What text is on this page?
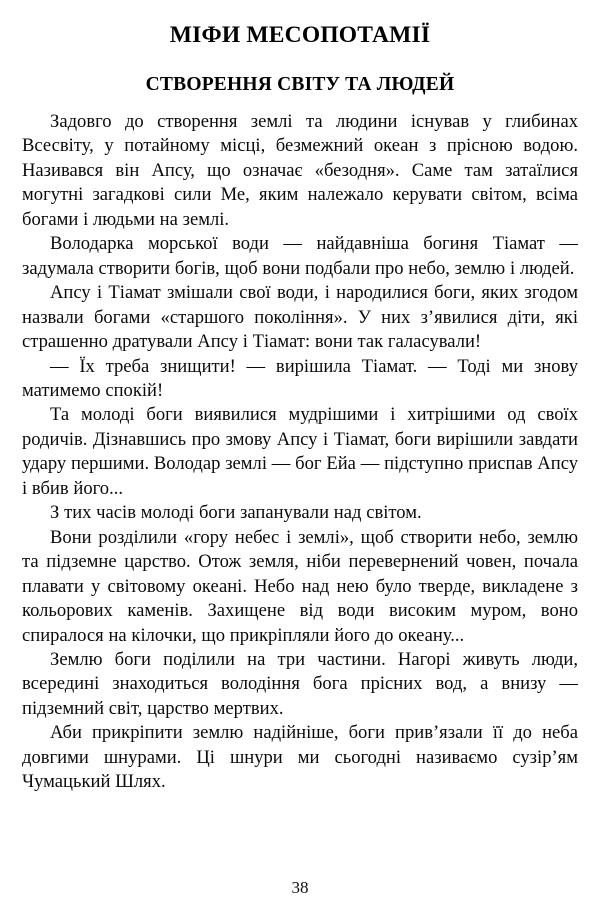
МІФИ МЕСОПОТАМІЇ
СТВОРЕННЯ СВІТУ ТА ЛЮДЕЙ

Задовго до створення землі та людини існував у глибинах Всесвіту, у потайному місці, безмежний океан з прісною водою. Називався він Апсу, що означає «безодня». Саме там затаїлися могутні загадкові сили Ме, яким належало керувати світом, всіма богами і людьми на землі.

Володарка морської води — найдавніша богиня Тіамат — задумала створити богів, щоб вони подбали про небо, землю і людей.

Апсу і Тіамат змішали свої води, і народилися боги, яких згодом назвали богами «старшого покоління». У них з’явилися діти, які страшенно дратували Апсу і Тіамат: вони так галасували!

— Їх треба знищити! — вирішила Тіамат. — Тоді ми знову матимемо спокій!

Та молоді боги виявилися мудрішими і хитрішими од своїх родичів. Дізнавшись про змову Апсу і Тіамат, боги вирішили завдати удару першими. Володар землі — бог Ейа — підступно приспав Апсу і вбив його...

З тих часів молоді боги запанували над світом.

Вони розділили «гору небес і землі», щоб створити небо, землю та підземне царство. Отож земля, ніби перевернений човен, почала плавати у світовому океані. Небо над нею було тверде, викладене з кольорових каменів. Захищене від води високим муром, воно спиралося на кілочки, що прикріпляли його до океану...

Землю боги поділили на три частини. Нагорі живуть люди, всередині знаходиться володіння бога прісних вод, а внизу — підземний світ, царство мертвих.

Аби прикріпити землю надійніше, боги прив’язали її до неба довгими шнурами. Ці шнури ми сьогодні називаємо сузір’ям Чумацький Шлях.

38
